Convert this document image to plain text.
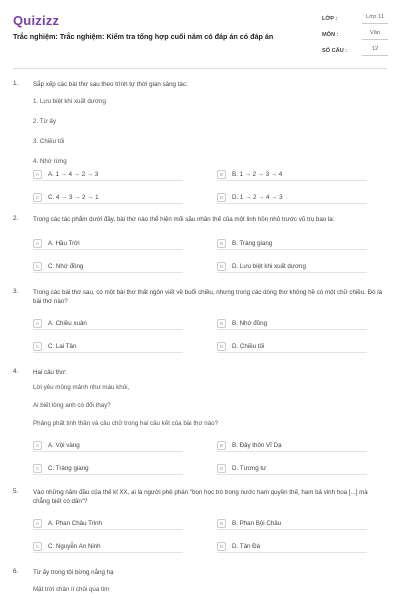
Quizizz
Trắc nghiệm: Trắc nghiệm: Kiểm tra tổng hợp cuối năm có đáp án có đáp án
LỚP :	Lớp 11
MÔN :	Văn
SỐ CÂU :	12
1. Sắp xếp các bài thơ sau theo trình tự thời gian sáng tác:
1. Lưu biệt khi xuất dương
2. Từ ấy
3. Chiều tối
4. Nhớ rừng
A	A. 1 → 4 → 2 → 3	B	B. 1 → 2 → 3 → 4
C	C. 4 → 3 → 2 → 1	D	D. 1 → 2 → 4 → 3
2. Trong các tác phẩm dưới đây, bài thơ nào thể hiện mối sầu nhân thế của một linh hồn nhỏ trước vũ trụ bao la:
A	A. Hầu Trời	B	B. Tràng giang
C	C. Nhớ đồng	D	D. Lưu biệt khi xuất dương
3. Trong các bài thơ sau, có một bài thơ thất ngôn viết về buổi chiều, nhưng trong các dòng thơ không hề có một chữ chiều. Đó là bài thơ nào?
A	A. Chiều xuân	B	B. Nhớ đồng
C	C. Lai Tân	D	D. Chiều tối
4. Hai câu thơ:
Lời yêu mỏng mảnh như màu khói,
Ai biết lòng anh có đổi thay?
Phảng phất tinh thần và cảu chữ trong hai câu kết của bài thơ nào?
A	A. Vội vàng	B	B. Đây thôn Vĩ Dạ
C	C. Tràng giang	D	D. Tương tư
5. Vào những năm đầu của thế kỉ XX, ai là người phê phán "bọn học trò trong nước ham quyền thế, ham bả vinh hoa [...] mà chẳng biết có dân"?
A	A. Phan Châu Trinh	B	B. Phan Bội Châu
C	C. Nguyễn An Ninh	D	D. Tản Đà
6. Từ ấy trong tôi bừng nắng hạ
Mặt trời chân lí chói qua tim
